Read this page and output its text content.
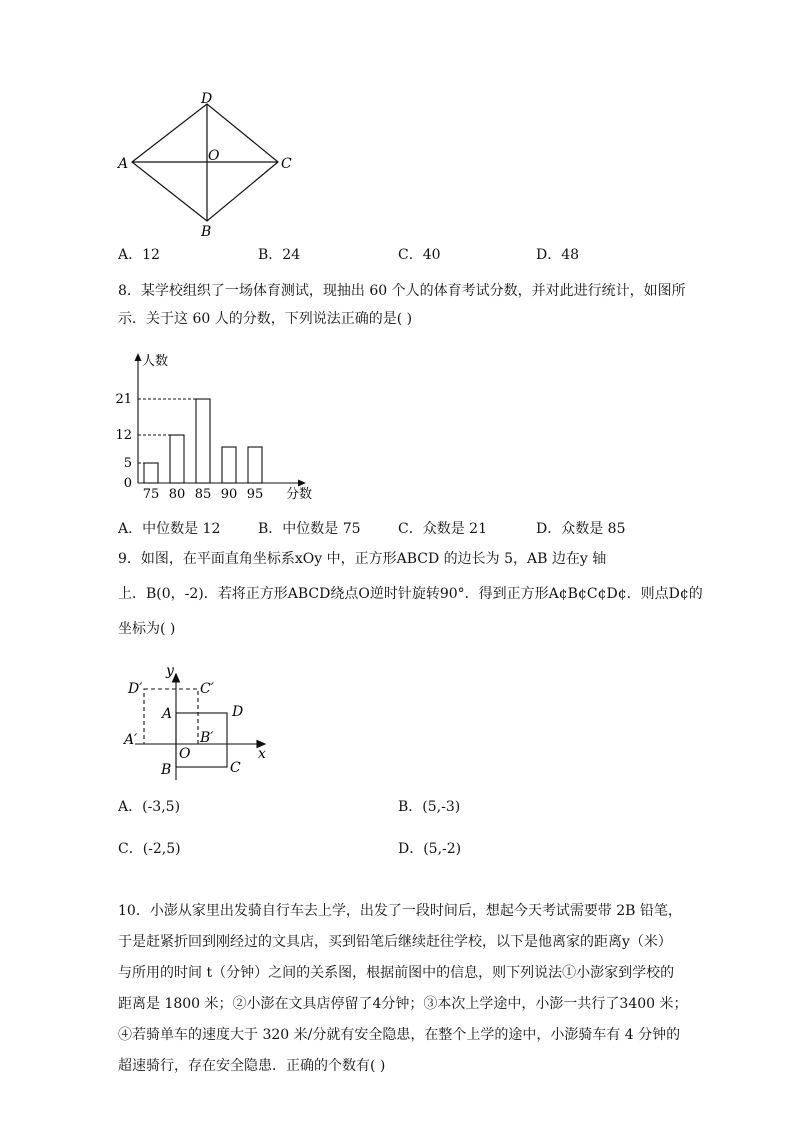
D
A	O	C
B
A．12	B．24	C．40	D．48
8．某学校组织了一场体育测试，现抽出 60 个人的体育考试分数，并对此进行统计，如图所
示．关于这 60 人的分数，下列说法正确的是( )
人数
分数
0
5
12
21
75 80 85 90 95
A．中位数是 12	B．中位数是 75	C．众数是 21	D．众数是 85
9．如图，在平面直角坐标系xOy 中，正方形ABCD 的边长为 5，AB 边在y 轴
上．B(0，-2)．若将正方形ABCD绕点O逆时针旋转90°．得到正方形A¢B¢C¢D¢．则点D¢的
坐标为( )
y
x
D′	C′
A	D
A′	B′
O
B	C
A．(-3,5)	B．(5,-3)
C．(-2,5)	D．(5,-2)
10．小澎从家里出发骑自行车去上学，出发了一段时间后，想起今天考试需要带 2B 铅笔，
于是赶紧折回到刚经过的文具店，买到铅笔后继续赶往学校，以下是他离家的距离y（米）
与所用的时间 t（分钟）之间的关系图，根据前图中的信息，则下列说法①小澎家到学校的
距离是 1800 米；②小澎在文具店停留了4分钟；③本次上学途中，小澎一共行了3400 米；
④若骑单车的速度大于 320 米/分就有安全隐患，在整个上学的途中，小澎骑车有 4 分钟的
超速骑行，存在安全隐患．正确的个数有( )
